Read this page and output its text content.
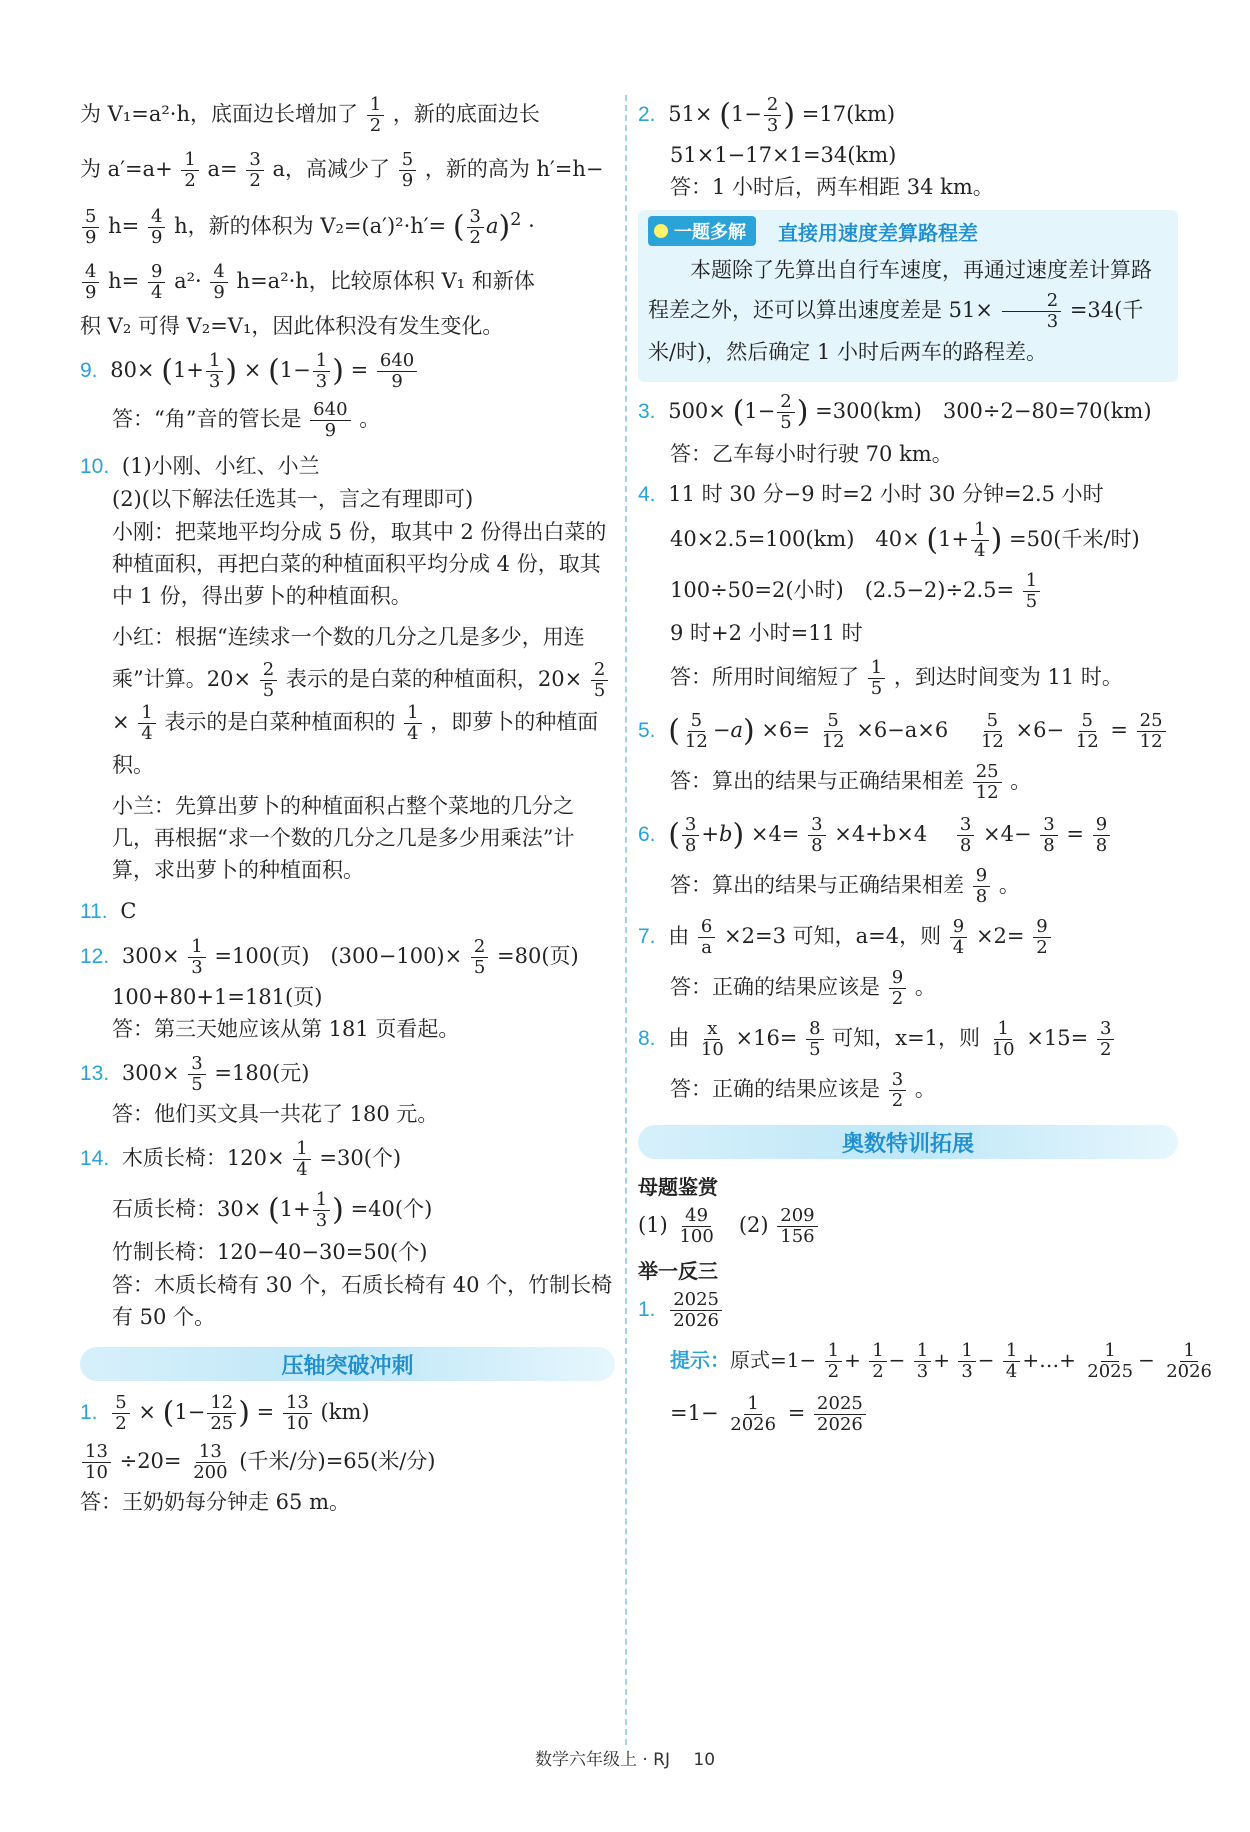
为 V₁=a²·h，底面边长增加了 $\frac{1}{2}$ ，新的底面边长
为 $a'=a+ \frac{1}{2} a= \frac{3}{2}$ a，高减少了 $\frac{5}{9}$ ，新的高为 h′=h−
$\frac{5}{9} h= \frac{4}{9}$ h，新的体积为 V₂=(a′)²·h′= ( $\frac{3}{2} a)^2$ ·
$\frac{4}{9} h= \frac{9}{4} a^2\cdot \frac{4}{9} h=a^2\cdot h$，比较原体积 V₁ 和新体
积 V₂ 可得 V₂=V₁，因此体积没有发生变化。
9. $80\times (1+ \frac{1}{3}$ ) × ($1- \frac{1}{3}$ ) = $\frac{640}{9}$
答：“角”音的管长是 $\frac{640}{9}$ 。
10. (1)小刚、小红、小兰
(2)(以下解法任选其一，言之有理即可)
小刚：把菜地平均分成 5 份，取其中 2 份得出白菜的种植面积，再把白菜的种植面积平均分成 4 份，取其中 1 份，得出萝卜的种植面积。
小红：根据“连续求一个数的几分之几是多少，用连乘”计算。$20\times \frac{2}{5}$ 表示的是白菜的种植面积，$20\times \frac{2}{5}$
× $\frac{1}{4}$ 表示的是白菜种植面积的 $\frac{1}{4}$ ，即萝卜的种植面积。
小兰：先算出萝卜的种植面积占整个菜地的几分之几，再根据“求一个数的几分之几是多少用乘法”计算，求出萝卜的种植面积。
11. C
12. $300\times \frac{1}{3} =100$(页)　$(300-100)\times \frac{2}{5} =80$(页)
100+80+1=181(页)
答：第三天她应该从第 181 页看起。
13. $300\times \frac{3}{5} =180$(元)
答：他们买文具一共花了 180 元。
14. 木质长椅：$120\times \frac{1}{4} =30$(个)
石质长椅：$30\times (1+ \frac{1}{3}$ ) =40(个)
竹制长椅：120−40−30=50(个)
答：木质长椅有 30 个，石质长椅有 40 个，竹制长椅有 50 个。
压轴突破冲刺
1. $\frac{5}{2} \times (1- \frac{12}{25}$ ) = $\frac{13}{10} (km)$
$\frac{13}{10} \div 20= \frac{13}{200}$ (千米/分)=65(米/分)
答：王奶奶每分钟走 65 m。
2. $51\times (1- \frac{2}{3}$ ) =17(km)
51×1−17×1=34(km)
答：1 小时后，两车相距 34 km。
一题多解 直接用速度差算路程差
本题除了先算出自行车速度，再通过速度差计算路程差之外，还可以算出速度差是 $51\times \frac{2}{3} =34$(千米/时)，然后确定 1 小时后两车的路程差。
3. $500\times (1- \frac{2}{5}$ ) =300(km)　300÷2−80=70(km)
答：乙车每小时行驶 70 km。
4. 11 时 30 分−9 时=2 小时 30 分钟=2.5 小时
40×2.5=100(km)　$40\times (1+ \frac{1}{4}$ ) =50(千米/时)
100÷50=2(小时)　$(2.5-2)\div 2.5= \frac{1}{5}$
9 时+2 小时=11 时
答：所用时间缩短了 $\frac{1}{5}$ ，到达时间变为 11 时。
5. ( $\frac{5}{12} -a) \times 6= \frac{5}{12} \times 6-a\times 6$　 $\frac{5}{12} \times 6- \frac{5}{12} = \frac{25}{12}$
答：算出的结果与正确结果相差 $\frac{25}{12}$ 。
6. ( $\frac{3}{8} +b) \times 4= \frac{3}{8} \times 4+b\times 4$　 $\frac{3}{8} \times 4- \frac{3}{8} = \frac{9}{8}$
答：算出的结果与正确结果相差 $\frac{9}{8}$ 。
7. 由 $\frac{6}{a} \times 2=3$ 可知，a=4，则 $\frac{9}{4} \times 2= \frac{9}{2}$
答：正确的结果应该是 $\frac{9}{2}$ 。
8. 由 $\frac{x}{10} \times 16= \frac{8}{5}$ 可知，x=1，则 $\frac{1}{10} \times 15= \frac{3}{2}$
答：正确的结果应该是 $\frac{3}{2}$ 。
奥数特训拓展
母题鉴赏
$(1) \frac{49}{100} (2) \frac{209}{156}$
举一反三
1. $\frac{2025}{2026}$
提示：原式$=1- \frac{1}{2} + \frac{1}{2} - \frac{1}{3} + \frac{1}{3} - \frac{1}{4}$ +…+ $\frac{1}{2025} - \frac{1}{2026}$
$=1- \frac{1}{2026} = \frac{2025}{2026}$
数学六年级上 · RJ 10
